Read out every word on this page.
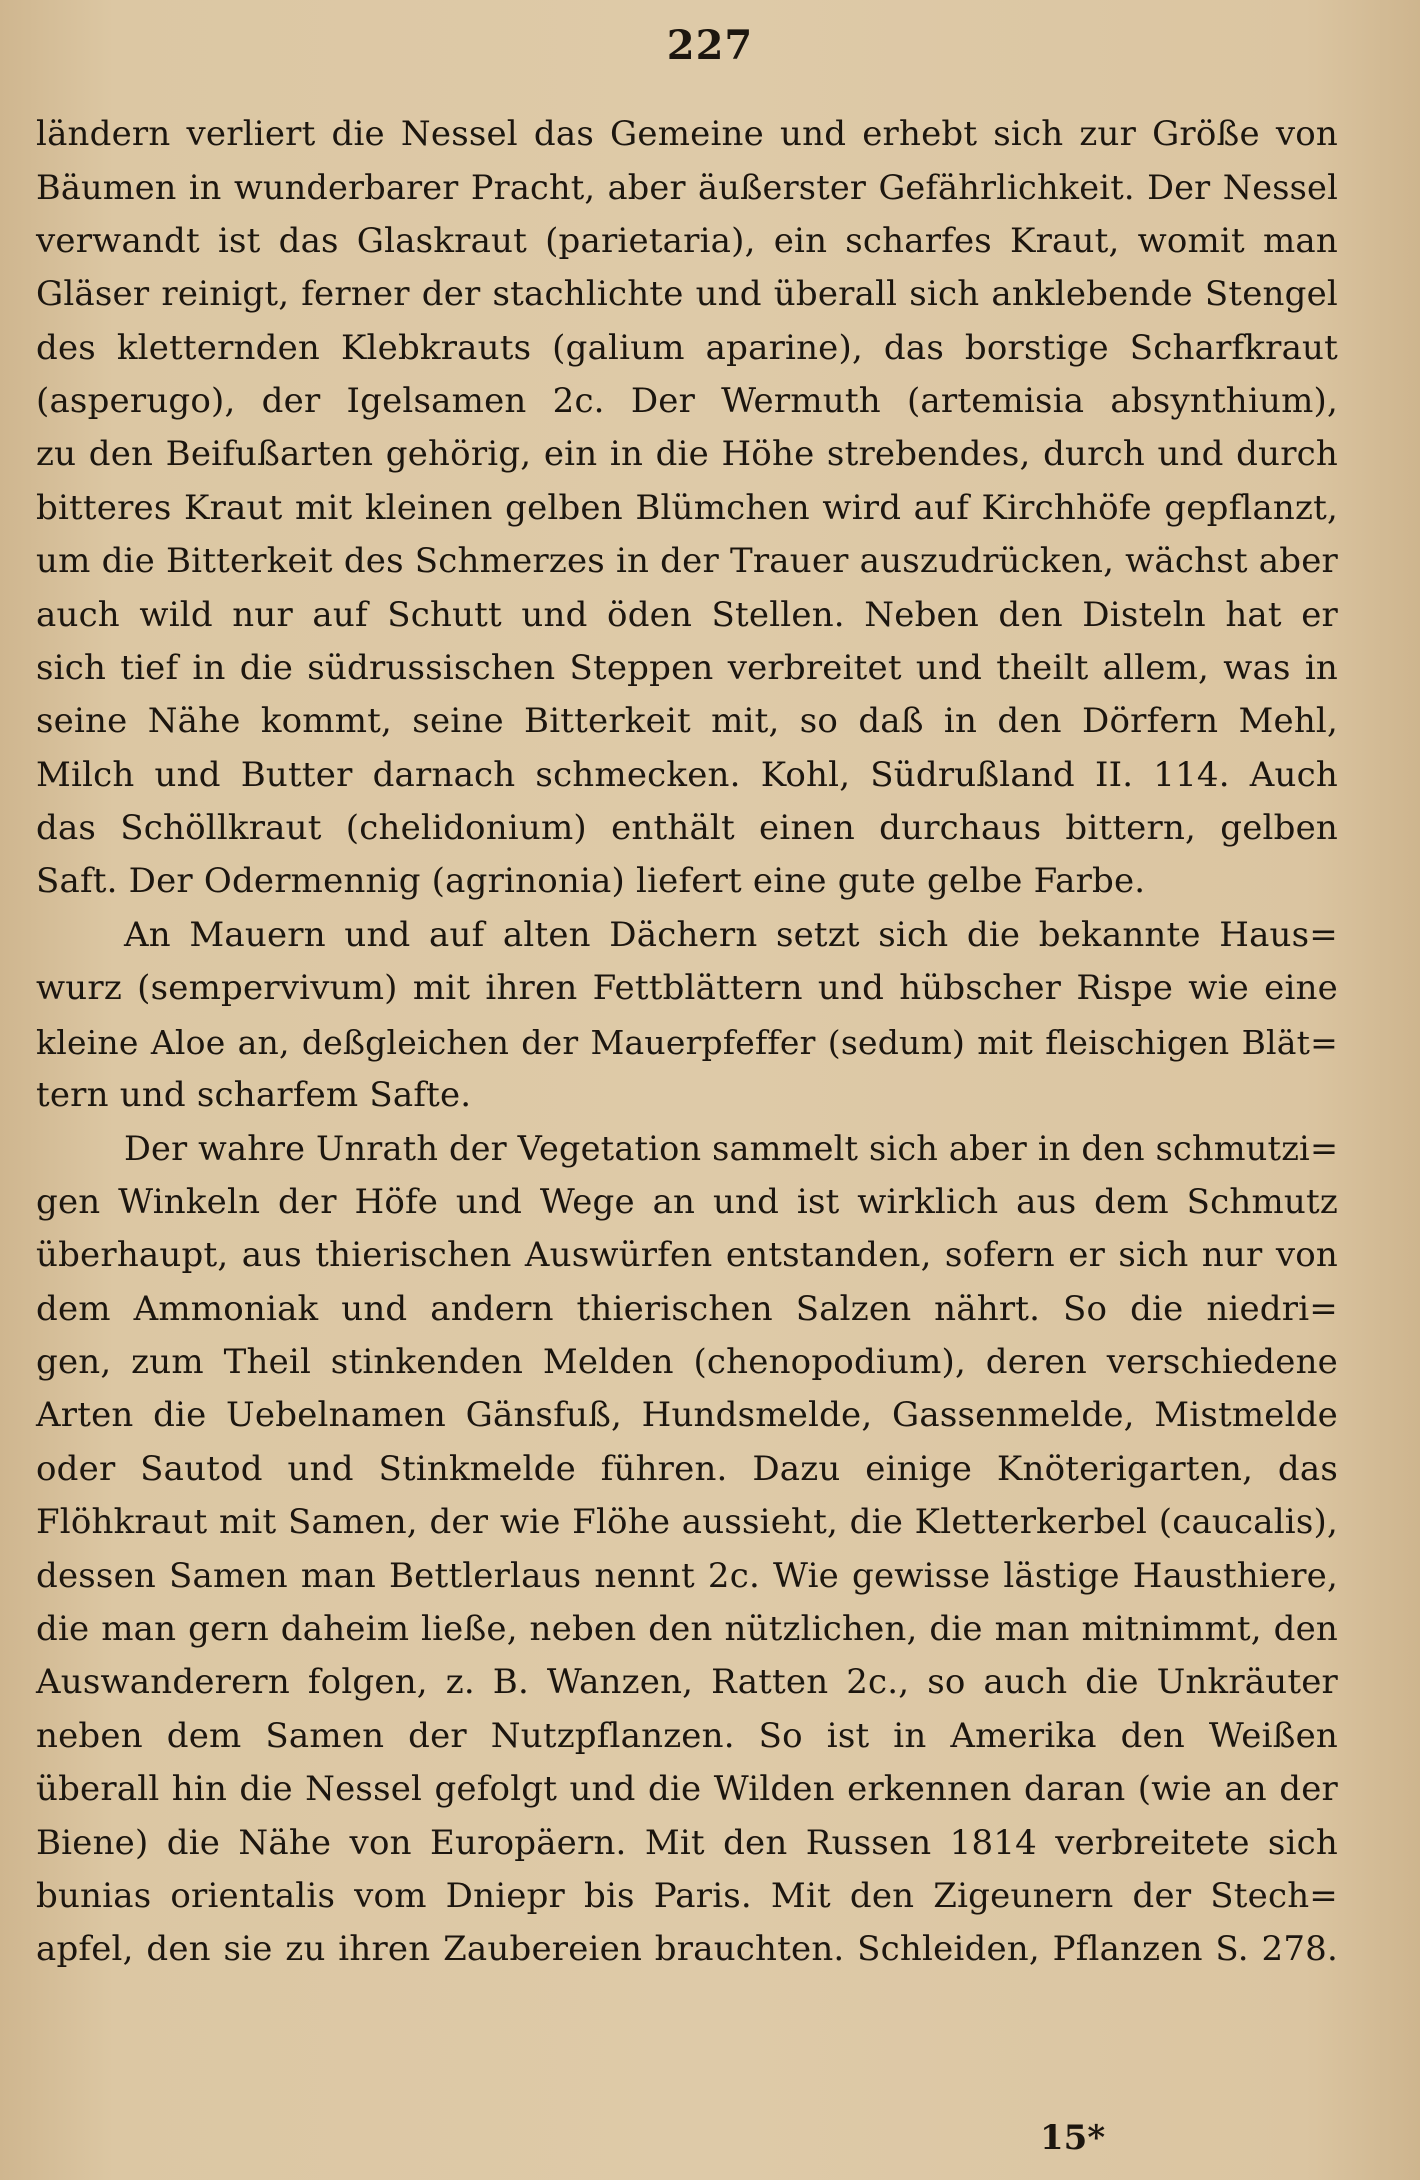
227
ländern verliert die Nessel das Gemeine und erhebt sich zur Größe von
Bäumen in wunderbarer Pracht, aber äußerster Gefährlichkeit. Der Nessel
verwandt ist das Glaskraut (parietaria), ein scharfes Kraut, womit man
Gläser reinigt, ferner der stachlichte und überall sich anklebende Stengel
des kletternden Klebkrauts (galium aparine), das borstige Scharfkraut
(asperugo), der Igelsamen 2c. Der Wermuth (artemisia absynthium),
zu den Beifußarten gehörig, ein in die Höhe strebendes, durch und durch
bitteres Kraut mit kleinen gelben Blümchen wird auf Kirchhöfe gepflanzt,
um die Bitterkeit des Schmerzes in der Trauer auszudrücken, wächst aber
auch wild nur auf Schutt und öden Stellen. Neben den Disteln hat er
sich tief in die südrussischen Steppen verbreitet und theilt allem, was in
seine Nähe kommt, seine Bitterkeit mit, so daß in den Dörfern Mehl,
Milch und Butter darnach schmecken. Kohl, Südrußland II. 114. Auch
das Schöllkraut (chelidonium) enthält einen durchaus bittern, gelben
Saft. Der Odermennig (agrinonia) liefert eine gute gelbe Farbe.
An Mauern und auf alten Dächern setzt sich die bekannte Haus=
wurz (sempervivum) mit ihren Fettblättern und hübscher Rispe wie eine
kleine Aloe an, deßgleichen der Mauerpfeffer (sedum) mit fleischigen Blät=
tern und scharfem Safte.
Der wahre Unrath der Vegetation sammelt sich aber in den schmutzi=
gen Winkeln der Höfe und Wege an und ist wirklich aus dem Schmutz
überhaupt, aus thierischen Auswürfen entstanden, sofern er sich nur von
dem Ammoniak und andern thierischen Salzen nährt. So die niedri=
gen, zum Theil stinkenden Melden (chenopodium), deren verschiedene
Arten die Uebelnamen Gänsfuß, Hundsmelde, Gassenmelde, Mistmelde
oder Sautod und Stinkmelde führen. Dazu einige Knöterigarten, das
Flöhkraut mit Samen, der wie Flöhe aussieht, die Kletterkerbel (caucalis),
dessen Samen man Bettlerlaus nennt 2c. Wie gewisse lästige Hausthiere,
die man gern daheim ließe, neben den nützlichen, die man mitnimmt, den
Auswanderern folgen, z. B. Wanzen, Ratten 2c., so auch die Unkräuter
neben dem Samen der Nutzpflanzen. So ist in Amerika den Weißen
überall hin die Nessel gefolgt und die Wilden erkennen daran (wie an der
Biene) die Nähe von Europäern. Mit den Russen 1814 verbreitete sich
bunias orientalis vom Dniepr bis Paris. Mit den Zigeunern der Stech=
apfel, den sie zu ihren Zaubereien brauchten. Schleiden, Pflanzen S. 278.
15*
